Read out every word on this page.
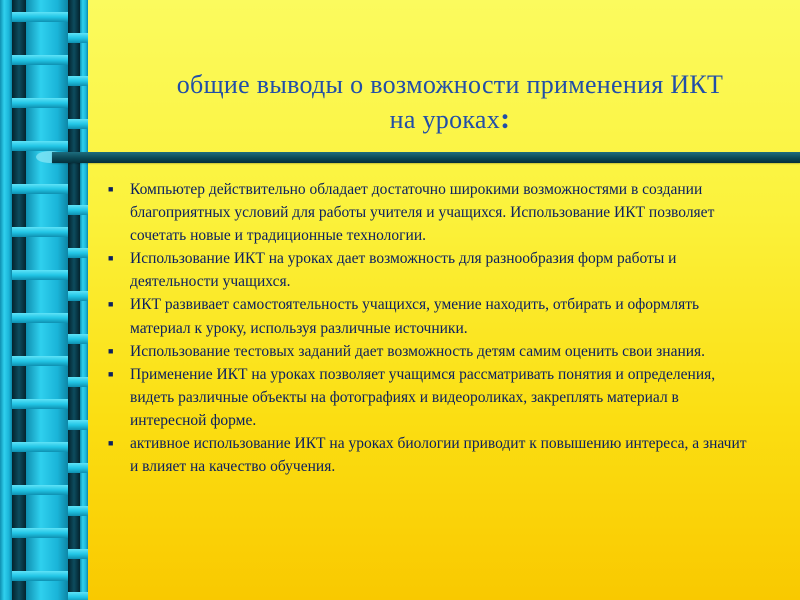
общие выводы о возможности применения ИКТ
на уроках:
■	Компьютер действительно обладает достаточно широкими возможностями в создании благоприятных условий для работы учителя и учащихся. Использование ИКТ позволяет сочетать новые и традиционные технологии.
■	Использование ИКТ на уроках дает возможность для разнообразия форм работы и деятельности учащихся.
■	ИКТ развивает самостоятельность учащихся, умение находить, отбирать и оформлять материал к уроку, используя различные источники.
■	Использование тестовых заданий дает возможность детям самим оценить свои знания.
■	Применение ИКТ на уроках позволяет учащимся рассматривать понятия и определения, видеть различные объекты на фотографиях и видеороликах, закреплять материал в интересной форме.
■	активное использование ИКТ на уроках биологии приводит к повышению интереса, а значит и влияет на качество обучения.
